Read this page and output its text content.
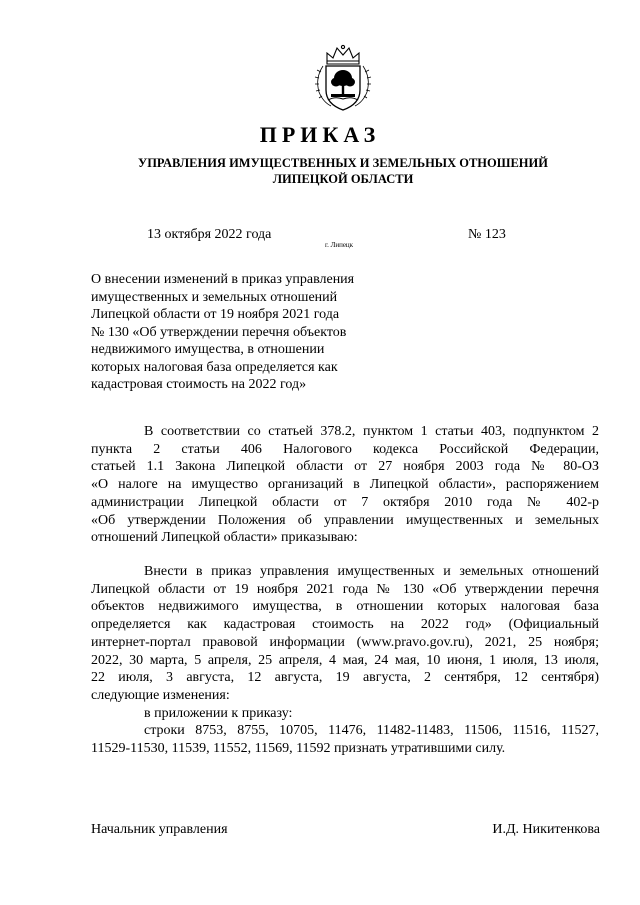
ПРИКАЗ
УПРАВЛЕНИЯ ИМУЩЕСТВЕННЫХ И ЗЕМЕЛЬНЫХ ОТНОШЕНИЙ
ЛИПЕЦКОЙ ОБЛАСТИ
13 октября 2022 года
г. Липецк
№ 123
О внесении изменений в приказ управления
имущественных и земельных отношений
Липецкой области от 19 ноября 2021 года
№ 130 «Об утверждении перечня объектов
недвижимого имущества, в отношении
которых налоговая база определяется как
кадастровая стоимость на 2022 год»
В соответствии со статьей 378.2, пунктом 1 статьи 403, подпунктом 2
пункта 2 статьи 406 Налогового кодекса Российской Федерации,
статьей 1.1 Закона Липецкой области от 27 ноября 2003 года № 80-ОЗ
«О налоге на имущество организаций в Липецкой области», распоряжением
администрации Липецкой области от 7 октября 2010 года № 402-р
«Об утверждении Положения об управлении имущественных и земельных
отношений Липецкой области» приказываю:
Внести в приказ управления имущественных и земельных отношений
Липецкой области от 19 ноября 2021 года № 130 «Об утверждении перечня
объектов недвижимого имущества, в отношении которых налоговая база
определяется как кадастровая стоимость на 2022 год» (Официальный
интернет-портал правовой информации (www.pravo.gov.ru), 2021, 25 ноября;
2022, 30 марта, 5 апреля, 25 апреля, 4 мая, 24 мая, 10 июня, 1 июля, 13 июля,
22 июля, 3 августа, 12 августа, 19 августа, 2 сентября, 12 сентября)
следующие изменения:
в приложении к приказу:
строки 8753, 8755, 10705, 11476, 11482-11483, 11506, 11516, 11527,
11529-11530, 11539, 11552, 11569, 11592 признать утратившими силу.
Начальник управления	И.Д. Никитенкова
